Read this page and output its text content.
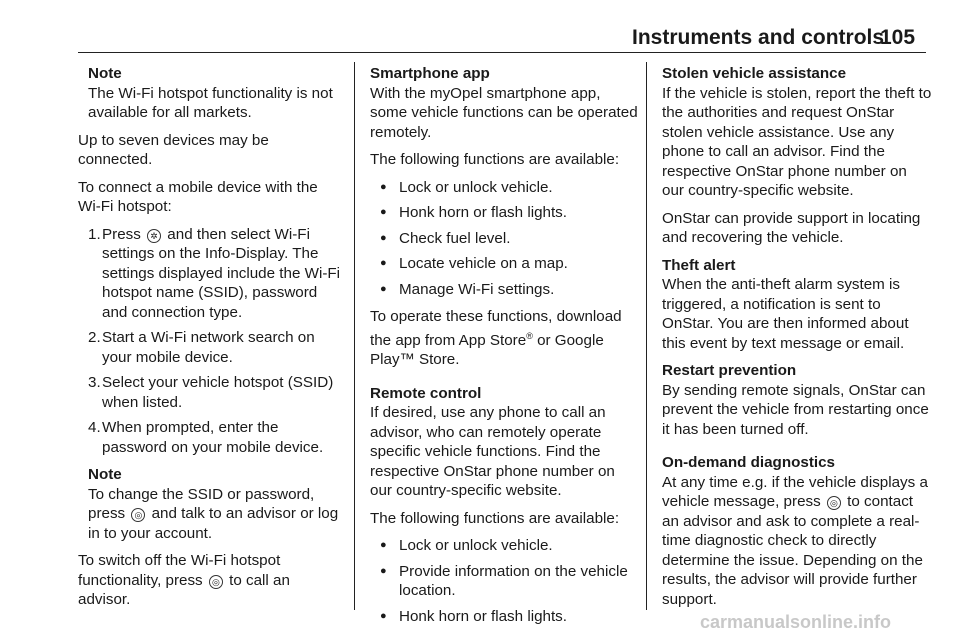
Instruments and controls
105
Note
The Wi-Fi hotspot functionality is not available for all markets.

Up to seven devices may be connected.

To connect a mobile device with the Wi-Fi hotspot:

1. Press ✲ and then select Wi-Fi settings on the Info-Display. The settings displayed include the Wi-Fi hotspot name (SSID), password and connection type.
2. Start a Wi-Fi network search on your mobile device.
3. Select your vehicle hotspot (SSID) when listed.
4. When prompted, enter the password on your mobile device.
Note
To change the SSID or password, press ◎ and talk to an advisor or log in to your account.

To switch off the Wi-Fi hotspot functionality, press ◎ to call an advisor.

Smartphone app
With the myOpel smartphone app, some vehicle functions can be operated remotely.

The following functions are available:

● Lock or unlock vehicle.
● Honk horn or flash lights.
● Check fuel level.
● Locate vehicle on a map.
● Manage Wi-Fi settings.

To operate these functions, download the app from App Store® or Google Play™ Store.

Remote control
If desired, use any phone to call an advisor, who can remotely operate specific vehicle functions. Find the respective OnStar phone number on our country-specific website.

The following functions are available:

● Lock or unlock vehicle.
● Provide information on the vehicle location.
● Honk horn or flash lights.
Stolen vehicle assistance
If the vehicle is stolen, report the theft to the authorities and request OnStar stolen vehicle assistance. Use any phone to call an advisor. Find the respective OnStar phone number on our country-specific website.

OnStar can provide support in locating and recovering the vehicle.

Theft alert
When the anti-theft alarm system is triggered, a notification is sent to OnStar. You are then informed about this event by text message or email.
Restart prevention
By sending remote signals, OnStar can prevent the vehicle from restarting once it has been turned off.
On-demand diagnostics
At any time e.g. if the vehicle displays a vehicle message, press ◎ to contact an advisor and ask to complete a real-time diagnostic check to directly determine the issue. Depending on the results, the advisor will provide further support.
carmanualsonline.info
